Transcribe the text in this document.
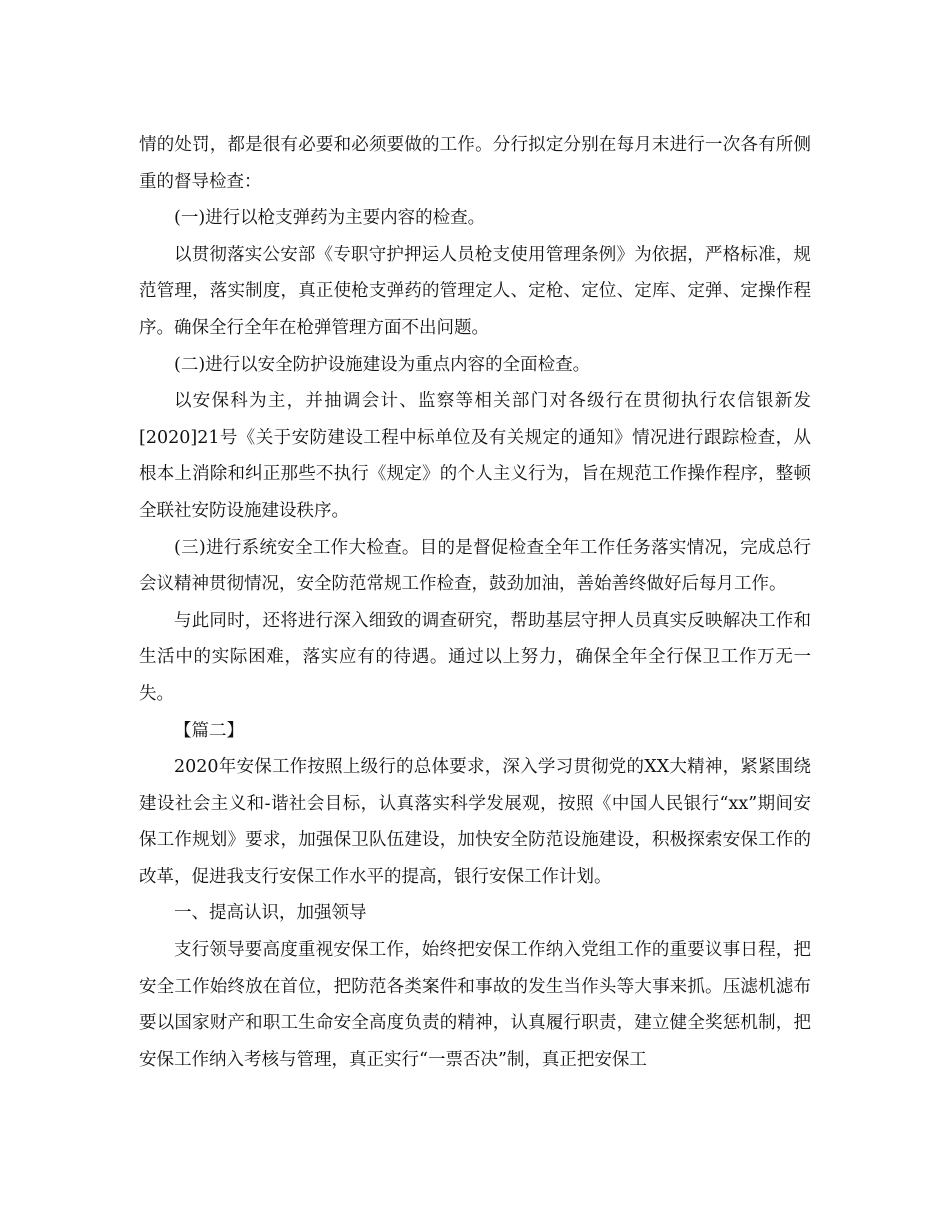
情的处罚，都是很有必要和必须要做的工作。分行拟定分别在每月末进行一次各有所侧重的督导检查：

(一)进行以枪支弹药为主要内容的检查。

以贯彻落实公安部《专职守护押运人员枪支使用管理条例》为依据，严格标准，规范管理，落实制度，真正使枪支弹药的管理定人、定枪、定位、定库、定弹、定操作程序。确保全行全年在枪弹管理方面不出问题。

(二)进行以安全防护设施建设为重点内容的全面检查。

以安保科为主，并抽调会计、监察等相关部门对各级行在贯彻执行农信银新发[2020]21号《关于安防建设工程中标单位及有关规定的通知》情况进行跟踪检查，从根本上消除和纠正那些不执行《规定》的个人主义行为，旨在规范工作操作程序，整顿全联社安防设施建设秩序。

(三)进行系统安全工作大检查。目的是督促检查全年工作任务落实情况，完成总行会议精神贯彻情况，安全防范常规工作检查，鼓劲加油，善始善终做好后每月工作。

与此同时，还将进行深入细致的调查研究，帮助基层守押人员真实反映解决工作和生活中的实际困难，落实应有的待遇。通过以上努力，确保全年全行保卫工作万无一失。

【篇二】

2020年安保工作按照上级行的总体要求，深入学习贯彻党的XX大精神，紧紧围绕建设社会主义和-谐社会目标，认真落实科学发展观，按照《中国人民银行“xx”期间安保工作规划》要求，加强保卫队伍建设，加快安全防范设施建设，积极探索安保工作的改革，促进我支行安保工作水平的提高，银行安保工作计划。

一、提高认识，加强领导

支行领导要高度重视安保工作，始终把安保工作纳入党组工作的重要议事日程，把安全工作始终放在首位，把防范各类案件和事故的发生当作头等大事来抓。压滤机滤布要以国家财产和职工生命安全高度负责的精神，认真履行职责，建立健全奖惩机制，把安保工作纳入考核与管理，真正实行“一票否决”制，真正把安保工
